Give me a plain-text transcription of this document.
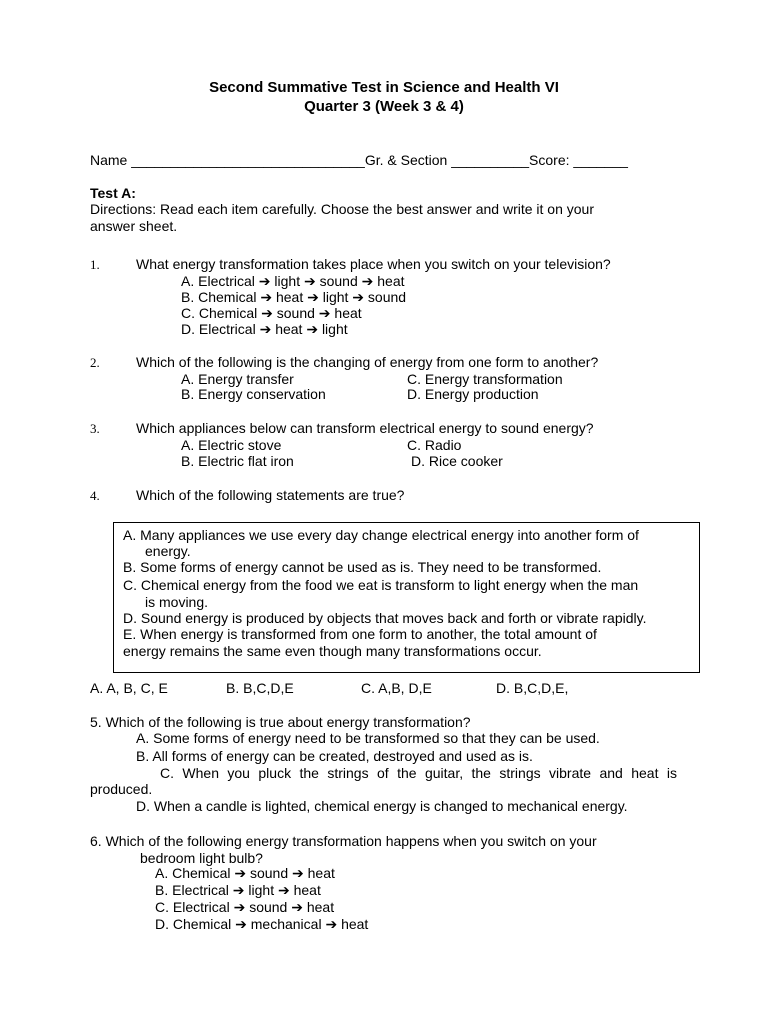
Second Summative Test in Science and Health VI
Quarter 3 (Week 3 & 4)
Name ______________________________Gr. & Section __________Score: _______
Test A:
Directions: Read each item carefully. Choose the best answer and write it on your
answer sheet.
1.	What energy transformation takes place when you switch on your television?
A. Electrical ➔ light ➔ sound ➔ heat
B. Chemical ➔ heat ➔ light ➔ sound
C. Chemical ➔ sound ➔ heat
D. Electrical ➔ heat ➔ light
2.	Which of the following is the changing of energy from one form to another?
A. Energy transfer	C. Energy transformation
B. Energy conservation	D. Energy production
3.	Which appliances below can transform electrical energy to sound energy?
A. Electric stove	C. Radio
B. Electric flat iron	D. Rice cooker
4.	Which of the following statements are true?
A. Many appliances we use every day change electrical energy into another form of
energy.
B. Some forms of energy cannot be used as is. They need to be transformed.
C. Chemical energy from the food we eat is transform to light energy when the man
is moving.
D. Sound energy is produced by objects that moves back and forth or vibrate rapidly.
E. When energy is transformed from one form to another, the total amount of
energy remains the same even though many transformations occur.
A. A, B, C, E	B. B,C,D,E	C. A,B, D,E	D. B,C,D,E,
5. Which of the following is true about energy transformation?
A. Some forms of energy need to be transformed so that they can be used.
B. All forms of energy can be created, destroyed and used as is.
C. When you pluck the strings of the guitar, the strings vibrate and heat is
produced.
D. When a candle is lighted, chemical energy is changed to mechanical energy.
6. Which of the following energy transformation happens when you switch on your
bedroom light bulb?
A. Chemical ➔ sound ➔ heat
B. Electrical ➔ light ➔ heat
C. Electrical ➔ sound ➔ heat
D. Chemical ➔ mechanical ➔ heat
